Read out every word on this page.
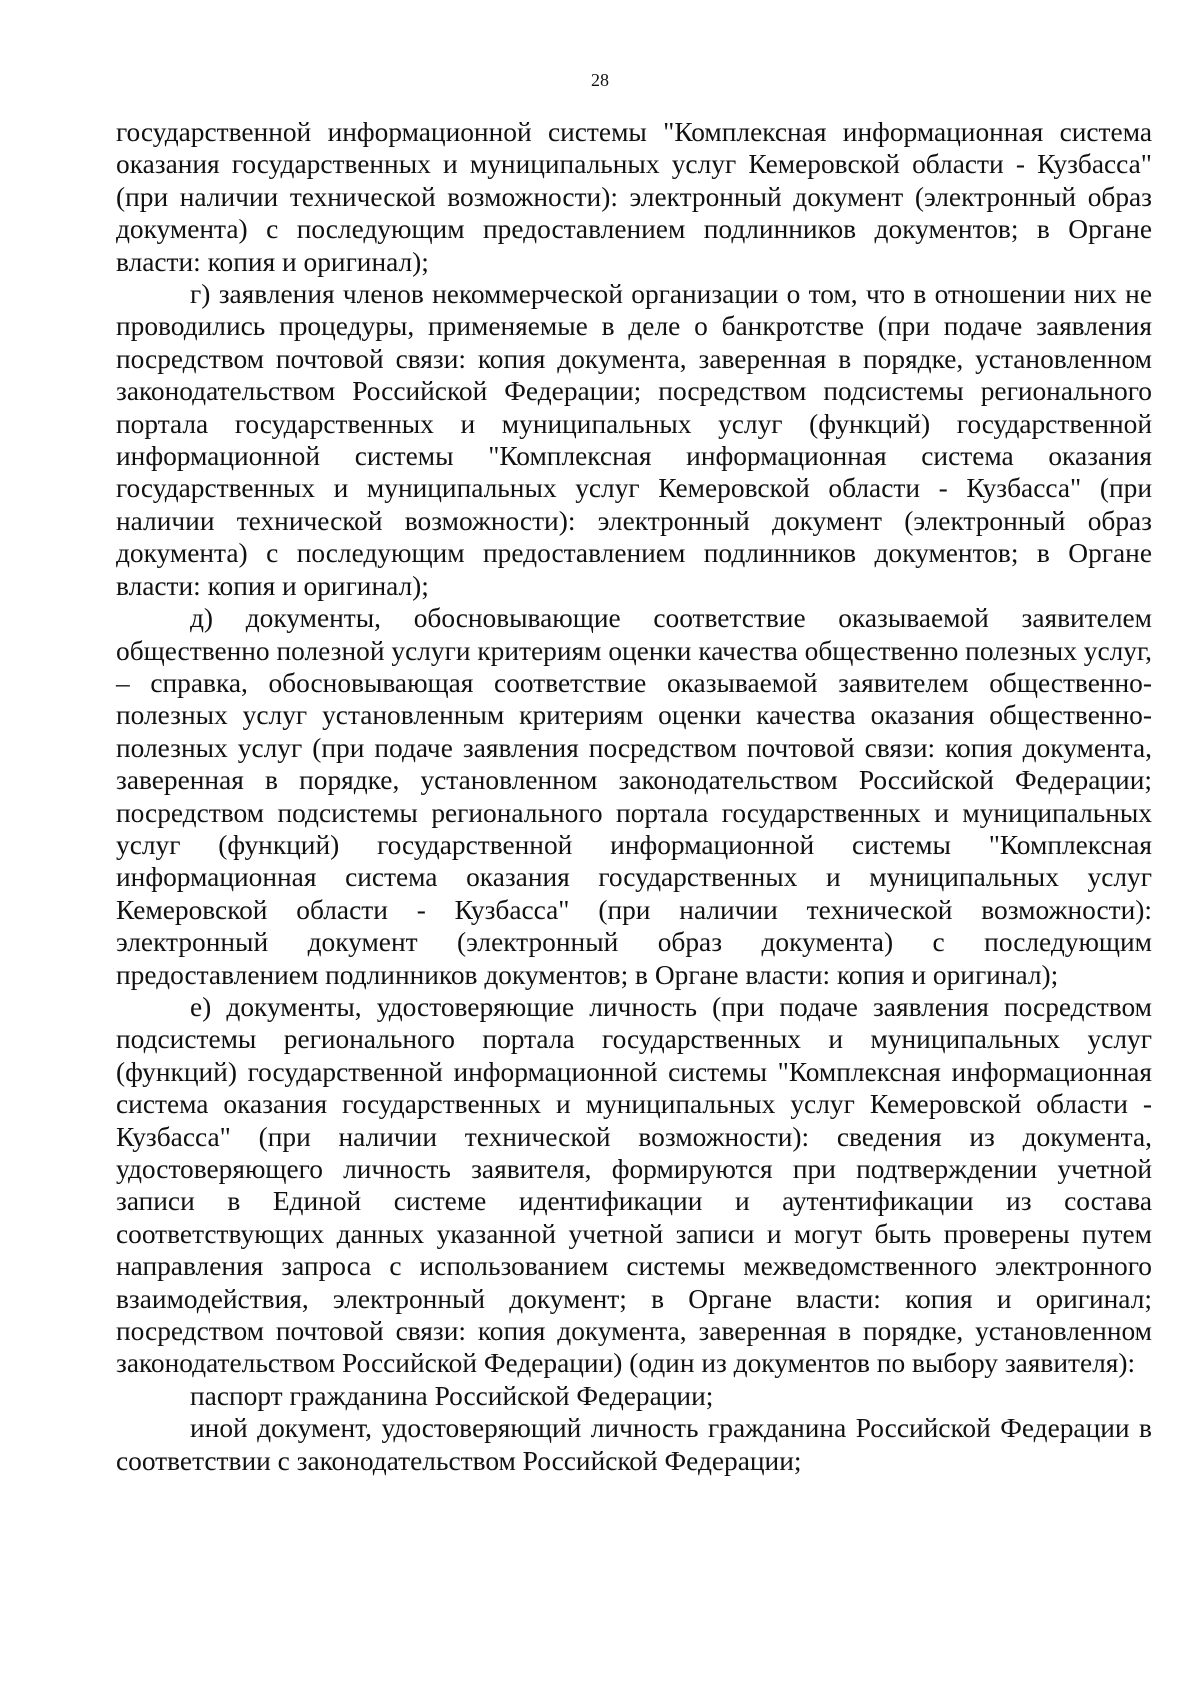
28

государственной информационной системы "Комплексная информационная система оказания государственных и муниципальных услуг Кемеровской области - Кузбасса" (при наличии технической возможности): электронный документ (электронный образ документа) с последующим предоставлением подлинников документов; в Органе власти: копия и оригинал);

г) заявления членов некоммерческой организации о том, что в отношении них не проводились процедуры, применяемые в деле о банкротстве (при подаче заявления посредством почтовой связи: копия документа, заверенная в порядке, установленном законодательством Российской Федерации; посредством подсистемы регионального портала государственных и муниципальных услуг (функций) государственной информационной системы "Комплексная информационная система оказания государственных и муниципальных услуг Кемеровской области - Кузбасса" (при наличии технической возможности): электронный документ (электронный образ документа) с последующим предоставлением подлинников документов; в Органе власти: копия и оригинал);

д) документы, обосновывающие соответствие оказываемой заявителем общественно полезной услуги критериям оценки качества общественно полезных услуг, – справка, обосновывающая соответствие оказываемой заявителем общественно-полезных услуг установленным критериям оценки качества оказания общественно-полезных услуг (при подаче заявления посредством почтовой связи: копия документа, заверенная в порядке, установленном законодательством Российской Федерации; посредством подсистемы регионального портала государственных и муниципальных услуг (функций) государственной информационной системы "Комплексная информационная система оказания государственных и муниципальных услуг Кемеровской области - Кузбасса" (при наличии технической возможности): электронный документ (электронный образ документа) с последующим предоставлением подлинников документов; в Органе власти: копия и оригинал);

е) документы, удостоверяющие личность (при подаче заявления посредством подсистемы регионального портала государственных и муниципальных услуг (функций) государственной информационной системы "Комплексная информационная система оказания государственных и муниципальных услуг Кемеровской области - Кузбасса" (при наличии технической возможности): сведения из документа, удостоверяющего личность заявителя, формируются при подтверждении учетной записи в Единой системе идентификации и аутентификации из состава соответствующих данных указанной учетной записи и могут быть проверены путем направления запроса с использованием системы межведомственного электронного взаимодействия, электронный документ; в Органе власти: копия и оригинал; посредством почтовой связи: копия документа, заверенная в порядке, установленном законодательством Российской Федерации) (один из документов по выбору заявителя):

паспорт гражданина Российской Федерации;

иной документ, удостоверяющий личность гражданина Российской Федерации в соответствии с законодательством Российской Федерации;
